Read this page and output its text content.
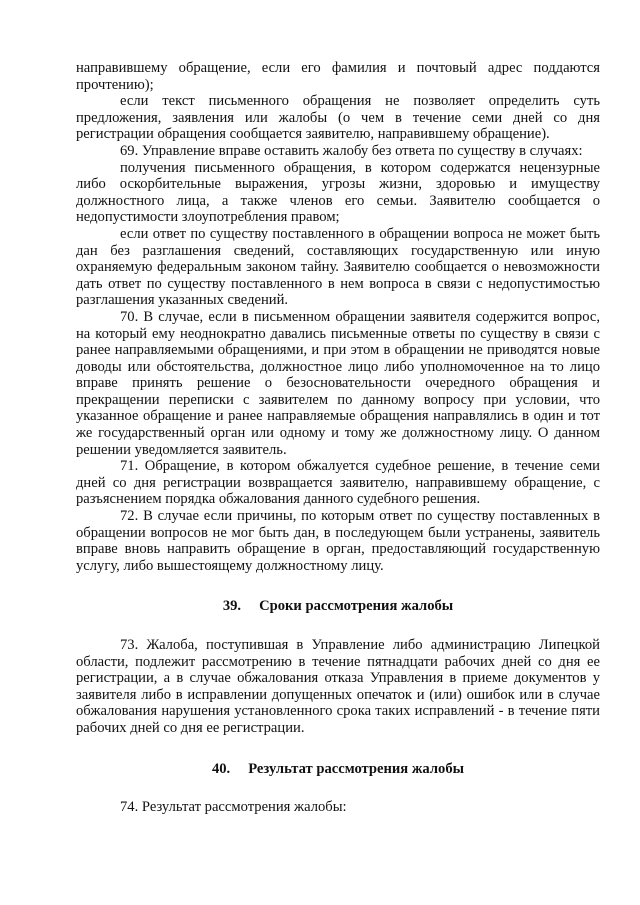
направившему обращение, если его фамилия и почтовый адрес поддаются прочтению);

если текст письменного обращения не позволяет определить суть предложения, заявления или жалобы (о чем в течение семи дней со дня регистрации обращения сообщается заявителю, направившему обращение).

69. Управление вправе оставить жалобу без ответа по существу в случаях:

получения письменного обращения, в котором содержатся нецензурные либо оскорбительные выражения, угрозы жизни, здоровью и имуществу должностного лица, а также членов его семьи. Заявителю сообщается о недопустимости злоупотребления правом;

если ответ по существу поставленного в обращении вопроса не может быть дан без разглашения сведений, составляющих государственную или иную охраняемую федеральным законом тайну. Заявителю сообщается о невозможности дать ответ по существу поставленного в нем вопроса в связи с недопустимостью разглашения указанных сведений.

70. В случае, если в письменном обращении заявителя содержится вопрос, на который ему неоднократно давались письменные ответы по существу в связи с ранее направляемыми обращениями, и при этом в обращении не приводятся новые доводы или обстоятельства, должностное лицо либо уполномоченное на то лицо вправе принять решение о безосновательности очередного обращения и прекращении переписки с заявителем по данному вопросу при условии, что указанное обращение и ранее направляемые обращения направлялись в один и тот же государственный орган или одному и тому же должностному лицу. О данном решении уведомляется заявитель.

71. Обращение, в котором обжалуется судебное решение, в течение семи дней со дня регистрации возвращается заявителю, направившему обращение, с разъяснением порядка обжалования данного судебного решения.

72. В случае если причины, по которым ответ по существу поставленных в обращении вопросов не мог быть дан, в последующем были устранены, заявитель вправе вновь направить обращение в орган, предоставляющий государственную услугу, либо вышестоящему должностному лицу.

39. Сроки рассмотрения жалобы

73. Жалоба, поступившая в Управление либо администрацию Липецкой области, подлежит рассмотрению в течение пятнадцати рабочих дней со дня ее регистрации, а в случае обжалования отказа Управления в приеме документов у заявителя либо в исправлении допущенных опечаток и (или) ошибок или в случае обжалования нарушения установленного срока таких исправлений - в течение пяти рабочих дней со дня ее регистрации.

40. Результат рассмотрения жалобы

74. Результат рассмотрения жалобы:
